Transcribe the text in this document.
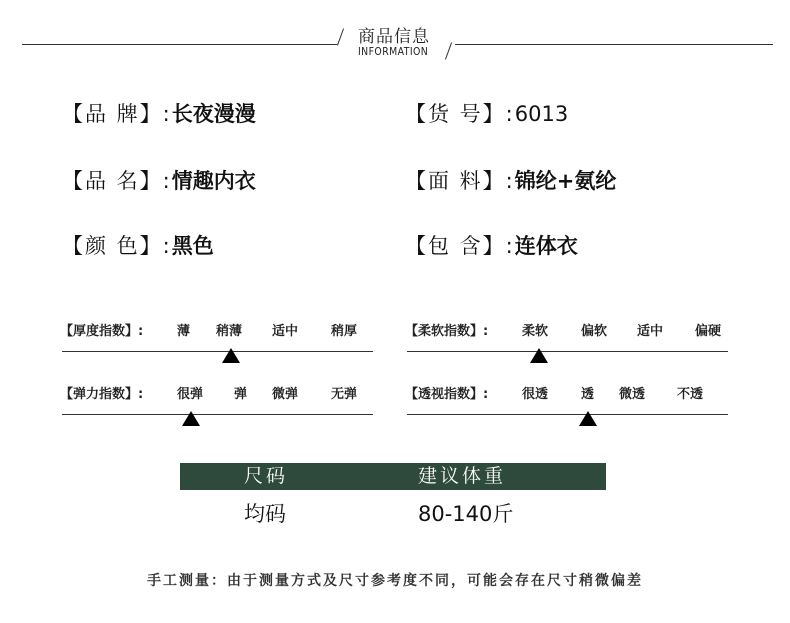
商品信息
INFORMATION
【品 牌】:长夜漫漫	【货 号】:6013
【品 名】:情趣内衣	【面 料】:锦纶+氨纶
【颜 色】:黑色	【包 含】:连体衣
【厚度指数】:	薄 稍薄 适中	稍厚	【柔软指数】:	柔软	偏软 适中 偏硬
【弹力指数】:	很弹 弹 微弹	无弹	【透视指数】:	很透	透 微透 不透
尺码	建议体重
均码	80-140斤
手工测量：由于测量方式及尺寸参考度不同，可能会存在尺寸稍微偏差
